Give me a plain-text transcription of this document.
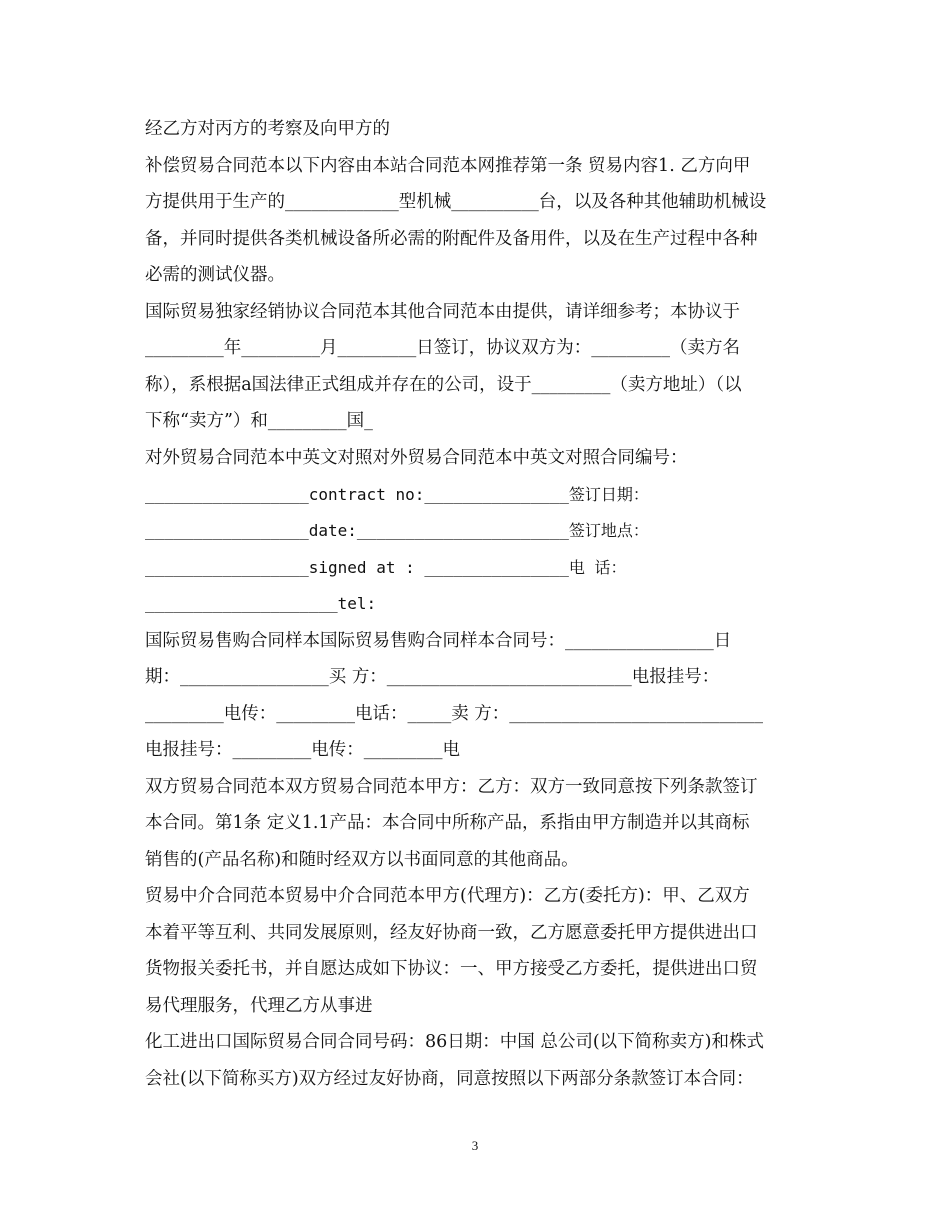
经乙方对丙方的考察及向甲方的
补偿贸易合同范本以下内容由本站合同范本网推荐第一条 贸易内容1. 乙方向甲
方提供用于生产的_____________型机械__________台，以及各种其他辅助机械设
备，并同时提供各类机械设备所必需的附配件及备用件，以及在生产过程中各种
必需的测试仪器。
国际贸易独家经销协议合同范本其他合同范本由提供，请详细参考；本协议于
_________年_________月_________日签订，协议双方为：_________（卖方名
称），系根据a国法律正式组成并存在的公司，设于_________（卖方地址）（以
下称“卖方”）和_________国_
对外贸易合同范本中英文对照对外贸易合同范本中英文对照合同编号：
_________________contract no:_______________签订日期：
_________________date:______________________签订地点：
_________________signed at : _______________电 话：
____________________tel:
国际贸易售购合同样本国际贸易售购合同样本合同号：_________________日
期：_________________买 方：____________________________电报挂号：
_________电传：_________电话：_____卖 方：_____________________________
电报挂号：_________电传：_________电
双方贸易合同范本双方贸易合同范本甲方：乙方：双方一致同意按下列条款签订
本合同。第1条 定义1.1产品：本合同中所称产品，系指由甲方制造并以其商标
销售的(产品名称)和随时经双方以书面同意的其他商品。
贸易中介合同范本贸易中介合同范本甲方(代理方)：乙方(委托方)：甲、乙双方
本着平等互利、共同发展原则，经友好协商一致，乙方愿意委托甲方提供进出口
货物报关委托书，并自愿达成如下协议：一、甲方接受乙方委托，提供进出口贸
易代理服务，代理乙方从事进
化工进出口国际贸易合同合同号码：86日期：中国 总公司(以下简称卖方)和株式
会社(以下简称买方)双方经过友好协商，同意按照以下两部分条款签订本合同：
3
